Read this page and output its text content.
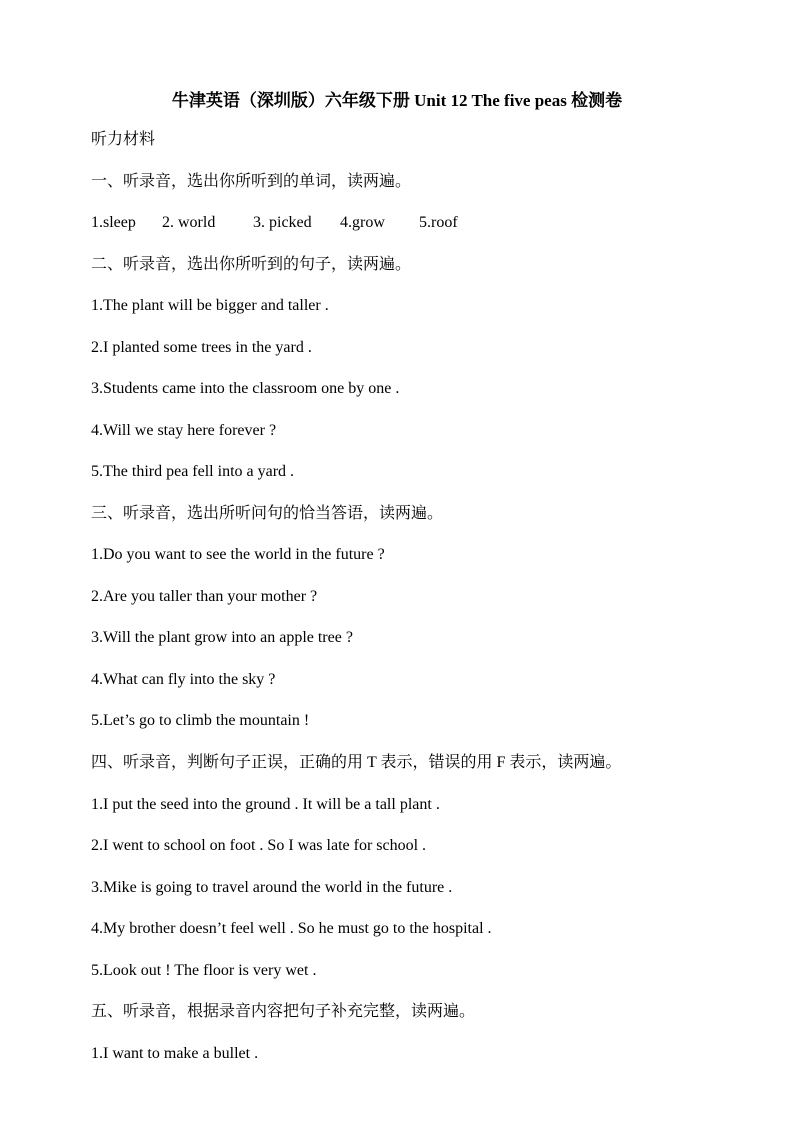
牛津英语（深圳版）六年级下册 Unit 12 The five peas 检测卷
听力材料
一、听录音，选出你所听到的单词，读两遍。
1.sleep 2. world 3. picked 4.grow 5.roof
二、听录音，选出你所听到的句子，读两遍。
1.The plant will be bigger and taller .
2.I planted some trees in the yard .
3.Students came into the classroom one by one .
4.Will we stay here forever ?
5.The third pea fell into a yard .
三、听录音，选出所听问句的恰当答语，读两遍。
1.Do you want to see the world in the future ?
2.Are you taller than your mother ?
3.Will the plant grow into an apple tree ?
4.What can fly into the sky ?
5.Let’s go to climb the mountain !
四、听录音，判断句子正误，正确的用 T 表示，错误的用 F 表示，读两遍。
1.I put the seed into the ground . It will be a tall plant .
2.I went to school on foot . So I was late for school .
3.Mike is going to travel around the world in the future .
4.My brother doesn’t feel well . So he must go to the hospital .
5.Look out ! The floor is very wet .
五、听录音，根据录音内容把句子补充完整，读两遍。
1.I want to make a bullet .
